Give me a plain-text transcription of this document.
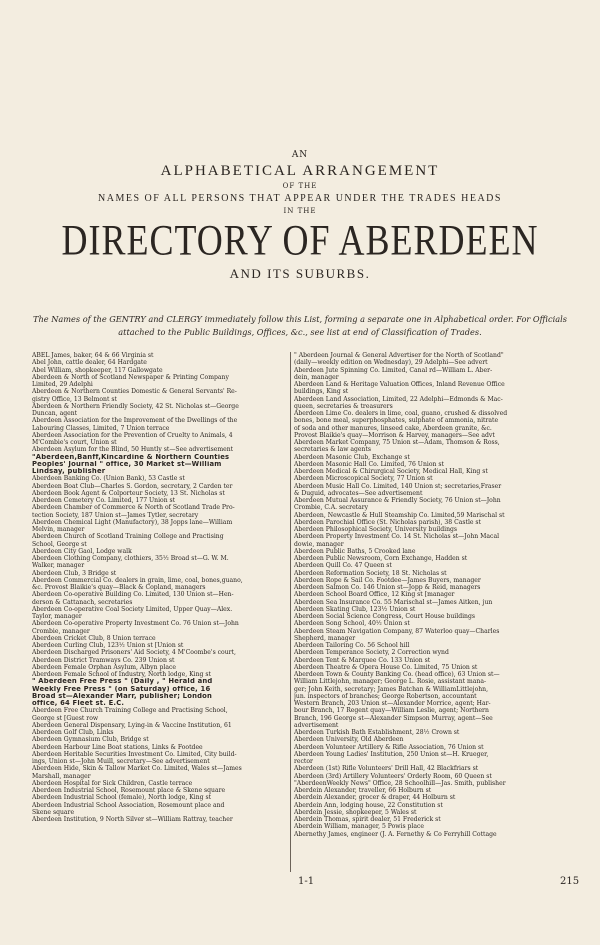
AN
ALPHABETICAL ARRANGEMENT
OF THE
NAMES OF ALL PERSONS THAT APPEAR UNDER THE TRADES HEADS
IN THE
DIRECTORY OF ABERDEEN
AND ITS SUBURBS.
The Names of the GENTRY and CLERGY immediately follow this List, forming a separate one in Alphabetical order. For Officials attached to the Public Buildings, Offices, &c., see list at end of Classification of Trades.
ABEL James, baker, 64 & 66 Virginia st
Abel John, cattle dealer, 64 Hardgate
Abel William, shopkeeper, 117 Gallowgate
Aberdeen & North of Scotland Newspaper & Printing Company
Limited, 29 Adelphi
Aberdeen & Northern Counties Domestic & General Servants' Re-
gistry Office, 13 Belmont st
Aberdeen & Northern Friendly Society, 42 St. Nicholas st—George
Duncan, agent
Aberdeen Association for the Improvement of the Dwellings of the
Labouring Classes, Limited, 7 Union terrace
Aberdeen Association for the Prevention of Cruelty to Animals, 4
M'Combie's court, Union st
Aberdeen Asylum for the Blind, 50 Huntly st—See advertisement
"Aberdeen,Banff,Kincardine & Northern Counties
Peoples' Journal " office, 30 Market st—William
Lindsay, publisher
Aberdeen Banking Co. (Union Bank), 53 Castle st
Aberdeen Boat Club—Charles S. Gordon, secretary, 2 Carden ter
Aberdeen Book Agent & Colporteur Society, 13 St. Nicholas st
Aberdeen Cemetery Co. Limited, 177 Union st
Aberdeen Chamber of Commerce & North of Scotland Trade Pro-
tection Society, 187 Union st—James Tytler, secretary
Aberdeen Chemical Light (Manufactory), 38 Jopps lane—William
Melvin, manager
Aberdeen Church of Scotland Training College and Practising
School, George st
Aberdeen City Gaol, Lodge walk
Aberdeen Clothing Company, clothiers, 35½ Broad st—G. W. M.
Walker, manager
Aberdeen Club, 3 Bridge st
Aberdeen Commercial Co. dealers in grain, lime, coal, bones,guano,
&c. Provost Blaikie's quay—Black & Copland, managers
Aberdeen Co-operative Building Co. Limited, 130 Union st—Hen-
derson & Cattanach, secretaries
Aberdeen Co-operative Coal Society Limited, Upper Quay—Alex.
Taylor, manager
Aberdeen Co-operative Property Investment Co. 76 Union st—John
Crombie, manager
Aberdeen Cricket Club, 8 Union terrace
Aberdeen Curling Club, 123½ Union st [Union st
Aberdeen Discharged Prisoners' Aid Society, 4 M'Coombe's court,
Aberdeen District Tramways Co. 239 Union st
Aberdeen Female Orphan Asylum, Albyn place
Aberdeen Female School of Industry, North lodge, King st
" Aberdeen Free Press " (Daily , " Herald and
Weekly Free Press " (on Saturday) office, 16
Broad st—Alexander Marr, publisher; London
office, 64 Fleet st. E.C.
Aberdeen Free Church Training College and Practising School,
George st [Guest row
Aberdeen General Dispensary, Lying-in & Vaccine Institution, 61
Aberdeen Golf Club, Links
Aberdeen Gymnasium Club, Bridge st
Aberdeen Harbour Line Boat stations, Links & Footdee
Aberdeen Heritable Securities Investment Co. Limited, City build-
ings, Union st—John Muill, secretary—See advertisement
Aberdeen Hide, Skin & Tallow Market Co. Limited, Wales st—James
Marshall, manager
Aberdeen Hospital for Sick Children, Castle terrace
Aberdeen Industrial School, Rosemount place & Skene square
Aberdeen Industrial School (female), North lodge, King st
Aberdeen Industrial School Association, Rosemount place and
Skene square
Aberdeen Institution, 9 North Silver st—William Rattray, teacher
" Aberdeen Journal & General Advertiser for the North of Scotland"
(daily—weekly edition on Wednesday), 29 Adelphi—See advert
Aberdeen Jute Spinning Co. Limited, Canal rd—William L. Aber-
dein, manager
Aberdeen Land & Heritage Valuation Offices, Inland Revenue Office
buildings, King st
Aberdeen Land Association, Limited, 22 Adelphi—Edmonds & Mac-
queen, secretaries & treasurers
Aberdeen Lime Co. dealers in lime, coal, guano, crushed & dissolved
bones, bone meal, superphosphates, sulphate of ammonia, nitrate
of soda and other manures, linseed cake, Aberdeen granite, &c.
Provost Blaikie's quay—Morrison & Harvey, managers—See advt
Aberdeen Market Company, 75 Union st—Adam, Thomson & Ross,
secretaries & law agents
Aberdeen Masonic Club, Exchange st
Aberdeen Masonic Hall Co. Limited, 76 Union st
Aberdeen Medical & Chirurgical Society, Medical Hall, King st
Aberdeen Microscopical Society, 77 Union st
Aberdeen Music Hall Co. Limited, 140 Union st; secretaries,Fraser
& Duguid, advocates—See advertisement
Aberdeen Mutual Assurance & Friendly Society, 76 Union st—John
Crombie, C.A. secretary
Aberdeen, Newcastle & Hull Steamship Co. Limited,59 Marischal st
Aberdeen Parochial Office (St. Nicholas parish), 38 Castle st
Aberdeen Philosophical Society, University buildings
Aberdeen Property Investment Co. 14 St. Nicholas st—John Macal
dowie, manager
Aberdeen Public Baths, 5 Crooked lane
Aberdeen Public Newsroom, Corn Exchange, Hadden st
Aberdeen Quill Co. 47 Queen st
Aberdeen Reformation Society, 18 St. Nicholas st
Aberdeen Rope & Sail Co. Footdee—James Buyers, manager
Aberdeen Salmon Co. 146 Union st—Jopp & Reid, managers
Aberdeen School Board Office, 12 King st [manager
Aberdeen Sea Insurance Co. 55 Marischal st—James Aitken, jun
Aberdeen Skating Club, 123½ Union st
Aberdeen Social Science Congress, Court House buildings
Aberdeen Song School, 40½ Union st
Aberdeen Steam Navigation Company, 87 Waterloo quay—Charles
Shepherd, manager
Aberdeen Tailoring Co. 56 School hill
Aberdeen Temperance Society, 2 Correction wynd
Aberdeen Tent & Marquee Co. 133 Union st
Aberdeen Theatre & Opera House Co. Limited, 75 Union st
Aberdeen Town & County Banking Co. (head office), 63 Union st—
William Littlejohn, manager; George L. Rosie, assistant mana-
ger; John Keith, secretary; James Batchan & WilliamLittlejohn,
jun. inspectors of branches; George Robertson, accountant
Western Branch, 203 Union st—Alexander Morrice, agent; Har-
bour Branch, 17 Regent quay—William Leslie, agent; Northern
Branch, 196 George st—Alexander Simpson Murray, agent—See
advertisement
Aberdeen Turkish Bath Establishment, 28½ Crown st
Aberdeen University, Old Aberdeen
Aberdeen Volunteer Artillery & Rifle Association, 76 Union st
Aberdeen Young Ladies' Institution, 250 Union st—H. Krueger,
rector
Aberdeen (1st) Rifle Volunteers' Drill Hall, 42 Blackfriars st
Aberdeen (3rd) Artillery Volunteers' Orderly Room, 60 Queen st
"AberdeenWeekly News" Office, 28 Schoolhill—Jas. Smith, publisher
Aberdein Alexander, traveller, 66 Holburn st
Aberdein Alexander, grocer & draper, 44 Holburn st
Aberdein Ann, lodging house, 22 Constitution st
Aberdein Jessie, shopkeeper, 5 Wales st
Aberdein Thomas, spirit dealer, 51 Frederick st
Aberdein William, manager, 5 Powis place
Abernethy James, engineer (J. A. Fernethy & Co Ferryhill Cottage
1-1	215
